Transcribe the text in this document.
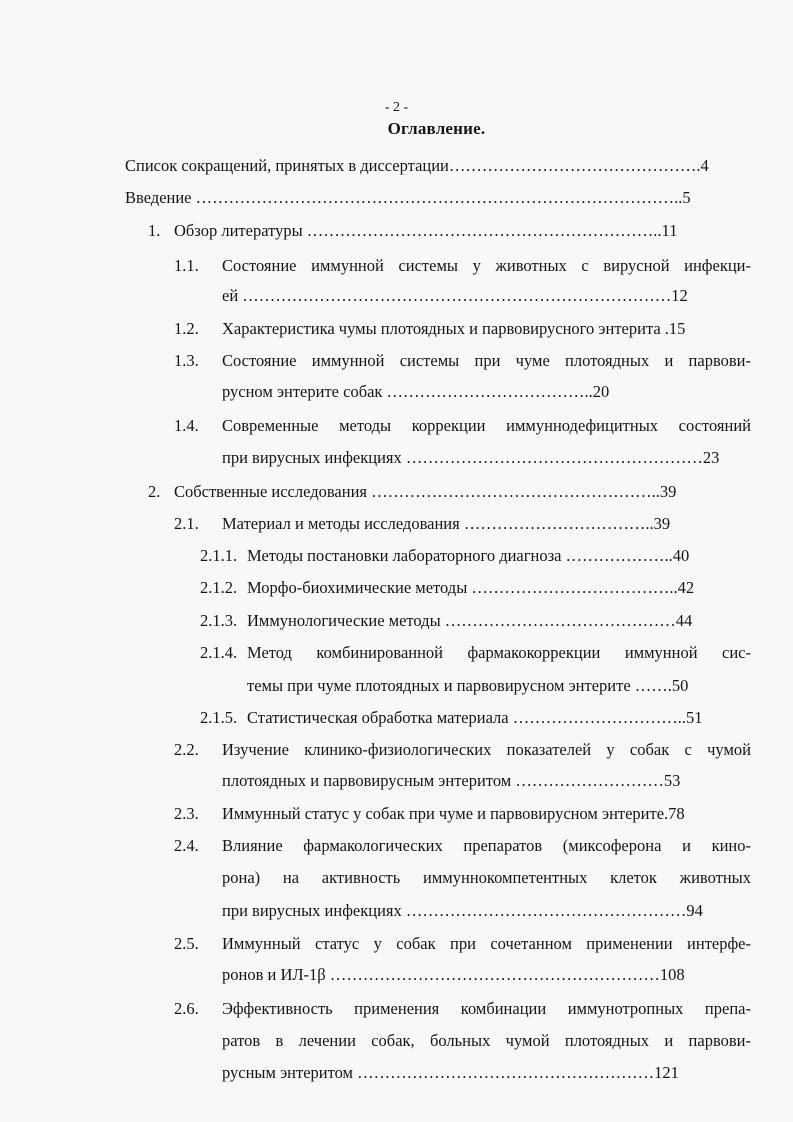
- 2 -
Оглавление.
Список сокращений, принятых в диссертации……………………………………….4
Введение ……………………………………………………………………………..5
1. Обзор литературы ………………………………………………………..11
1.1. Состояние иммунной системы у животных с вирусной инфекци-
ей ……………………………………………………………………12
1.2. Характеристика чумы плотоядных и парвовирусного энтерита .15
1.3. Состояние иммунной системы при чуме плотоядных и парвови-
русном энтерите собак ………………………………..20
1.4. Современные методы коррекции иммуннодефицитных состояний
при вирусных инфекциях ………………………………………………23
2. Собственные исследования ……………………………………………..39
2.1. Материал и методы исследования ……………………………..39
2.1.1. Методы постановки лабораторного диагноза ………………..40
2.1.2. Морфо-биохимические методы ………………………………..42
2.1.3. Иммунологические методы ……………………………………44
2.1.4. Метод комбинированной фармакокоррекции иммунной сис-
темы при чуме плотоядных и парвовирусном энтерите …….50
2.1.5. Статистическая обработка материала …………………………..51
2.2. Изучение клинико-физиологических показателей у собак с чумой
плотоядных и парвовирусным энтеритом ………………………53
2.3. Иммунный статус у собак при чуме и парвовирусном энтерите.78
2.4. Влияние фармакологических препаратов (миксоферона и кино-
рона) на активность иммуннокомпетентных клеток животных
при вирусных инфекциях ……………………………………………94
2.5. Иммунный статус у собак при сочетанном применении интерфе-
ронов и ИЛ-1β ……………………………………………………108
2.6. Эффективность применения комбинации иммунотропных препа-
ратов в лечении собак, больных чумой плотоядных и парвови-
русным энтеритом ………………………………………………121
